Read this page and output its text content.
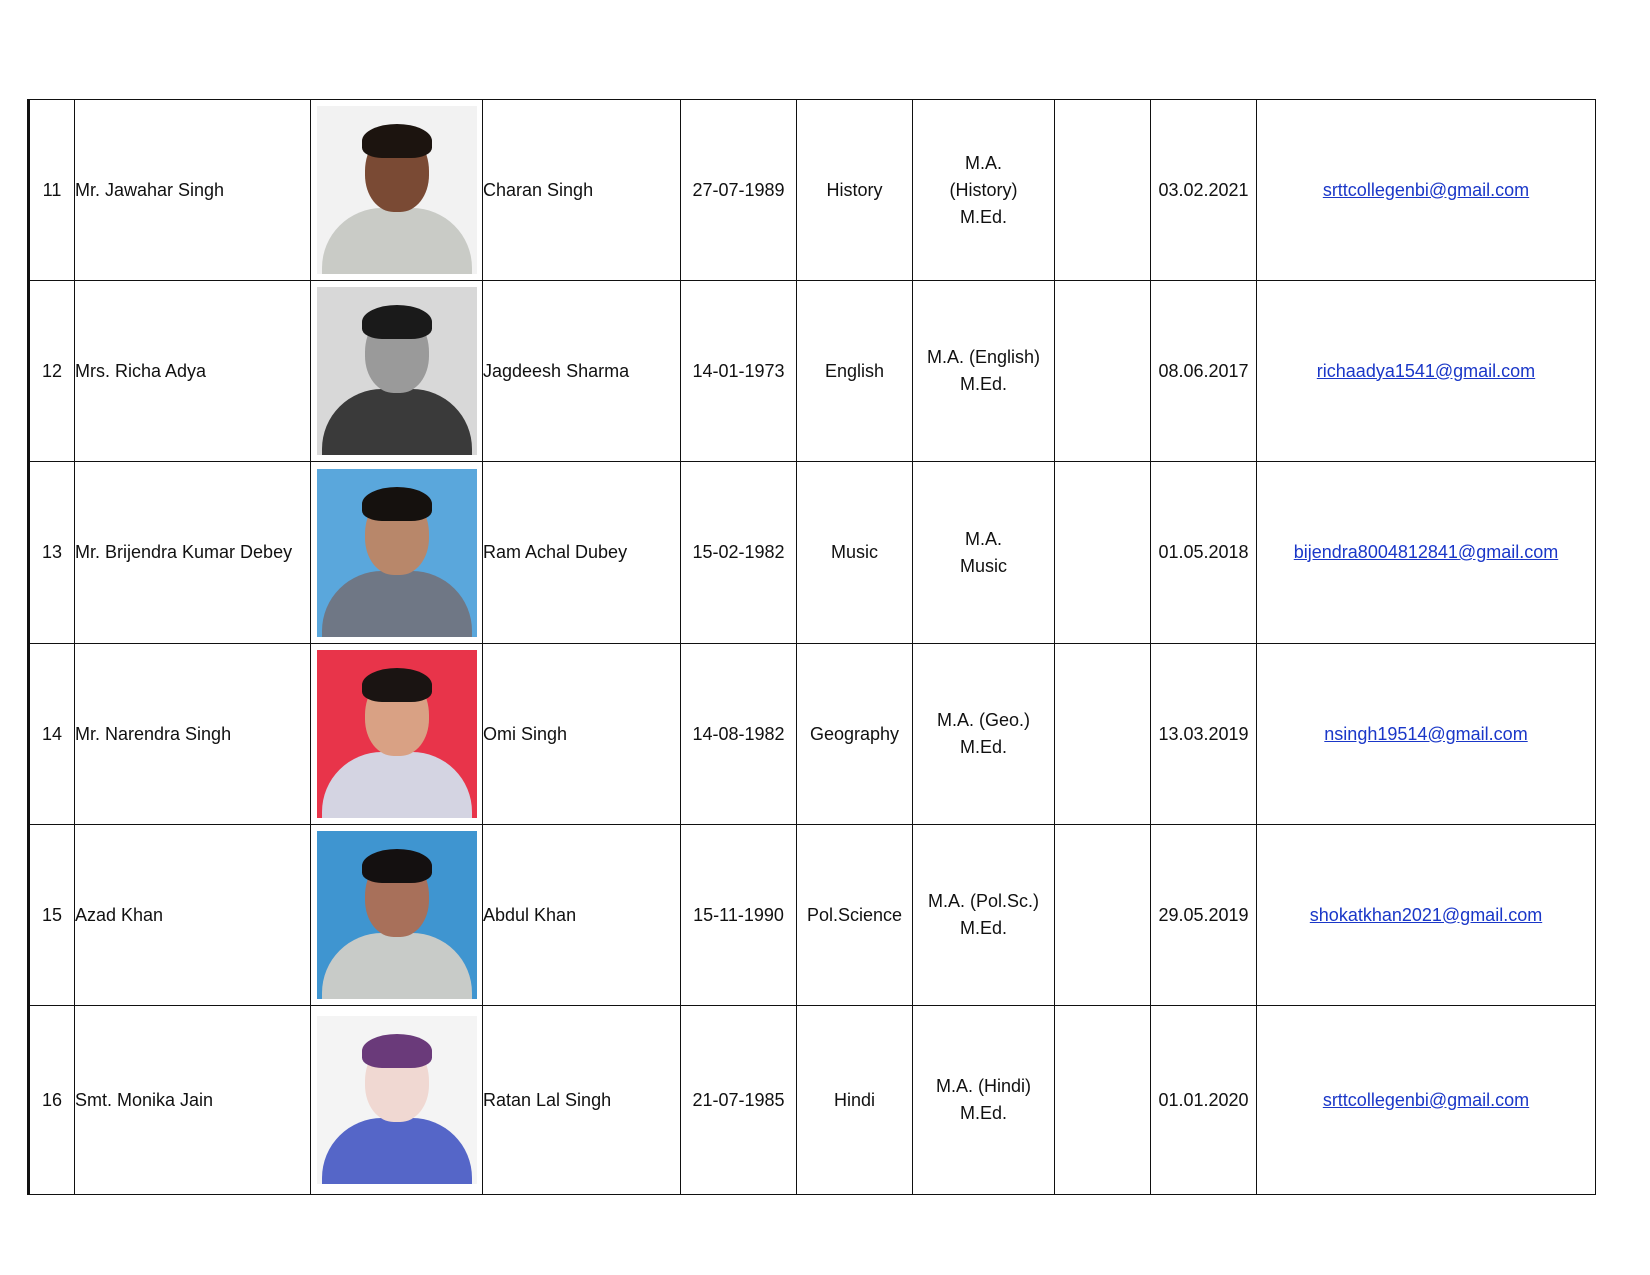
11	Mr. Jawahar Singh		Charan Singh	27-07-1989	History	M.A.
(History)
M.Ed.		03.02.2021	srttcollegenbi@gmail.com
12	Mrs. Richa Adya		Jagdeesh Sharma	14-01-1973	English	M.A. (English)
M.Ed.		08.06.2017	richaadya1541@gmail.com
13	Mr. Brijendra Kumar Debey		Ram Achal Dubey	15-02-1982	Music	M.A.
Music		01.05.2018	bijendra8004812841@gmail.com
14	Mr. Narendra Singh		Omi Singh	14-08-1982	Geography	M.A. (Geo.)
M.Ed.		13.03.2019	nsingh19514@gmail.com
15	Azad Khan		Abdul Khan	15-11-1990	Pol.Science	M.A. (Pol.Sc.)
M.Ed.		29.05.2019	shokatkhan2021@gmail.com
16	Smt. Monika Jain		Ratan Lal Singh	21-07-1985	Hindi	M.A. (Hindi)
M.Ed.		01.01.2020	srttcollegenbi@gmail.com
